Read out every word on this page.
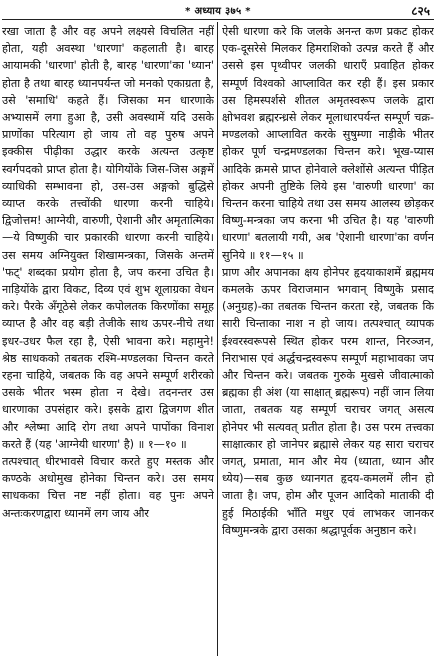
* अध्याय ३७५ *	८२५

रखा जाता है और वह अपने लक्ष्यसे विचलित नहीं होता, यही अवस्था 'धारणा' कहलाती है। बारह आयामकी 'धारणा' होती है, बारह 'धारणा'का 'ध्यान' होता है तथा बारह ध्यानपर्यन्त जो मनको एकाग्रता है, उसे 'समाधि' कहते हैं। जिसका मन धारणाके अभ्यासमें लगा हुआ है, उसी अवस्थामें यदि उसके प्राणोंका परित्याग हो जाय तो वह पुरुष अपने इक्कीस पीढ़ीका उद्धार करके अत्यन्त उत्कृष्ट स्वर्गपदको प्राप्त होता है। योगियोंके जिस-जिस अङ्गमें व्याधिकी सम्भावना हो, उस-उस अङ्गको बुद्धिसे व्याप्त करके तत्त्वोंकी धारणा करनी चाहिये। द्विजोत्तम! आग्नेयी, वारुणी, ऐशानी और अमृतात्मिका—ये विष्णुकी चार प्रकारकी धारणा करनी चाहिये। उस समय अग्नियुक्त शिखामन्त्रका, जिसके अन्तमें 'फट्' शब्दका प्रयोग होता है, जप करना उचित है। नाड़ियोंके द्वारा विकट, दिव्य एवं शुभ शूलाग्रका वेधन करे। पैरके अँगूठेसे लेकर कपोलतक किरणोंका समूह व्याप्त है और वह बड़ी तेजीके साथ ऊपर-नीचे तथा इधर-उधर फैल रहा है, ऐसी भावना करे। महामुने! श्रेष्ठ साधकको तबतक रश्मि-मण्डलका चिन्तन करते रहना चाहिये, जबतक कि वह अपने सम्पूर्ण शरीरको उसके भीतर भस्म होता न देखे। तदनन्तर उस धारणाका उपसंहार करे। इसके द्वारा द्विजगण शीत और श्लेष्मा आदि रोग तथा अपने पापोंका विनाश करते हैं (यह 'आग्नेयी धारणा' है) ॥ १—१० ॥

तत्पश्चात् धीरभावसे विचार करते हुए मस्तक और कण्ठके अधोमुख होनेका चिन्तन करे। उस समय साधकका चित्त नष्ट नहीं होता। वह पुनः अपने अन्तःकरणद्वारा ध्यानमें लग जाय और

ऐसी धारणा करे कि जलके अनन्त कण प्रकट होकर एक-दूसरेसे मिलकर हिमराशिको उत्पन्न करते हैं और उससे इस पृथ्वीपर जलकी धाराएँ प्रवाहित होकर सम्पूर्ण विश्वको आप्लावित कर रही हैं। इस प्रकार उस हिमस्पर्शसे शीतल अमृतस्वरूप जलके द्वारा क्षोभवश ब्रह्मरन्ध्रसे लेकर मूलाधारपर्यन्त सम्पूर्ण चक्र-मण्डलको आप्लावित करके सुषुम्णा नाड़ीके भीतर होकर पूर्ण चन्द्रमण्डलका चिन्तन करे। भूख-प्यास आदिके क्रमसे प्राप्त होनेवाले क्लेशोंसे अत्यन्त पीड़ित होकर अपनी तुष्टिके लिये इस 'वारुणी धारणा' का चिन्तन करना चाहिये तथा उस समय आलस्य छोड़कर विष्णु-मन्त्रका जप करना भी उचित है। यह 'वारुणी धारणा' बतलायी गयी, अब 'ऐशानी धारणा'का वर्णन सुनिये ॥ ११—१५ ॥

प्राण और अपानका क्षय होनेपर हृदयाकाशमें ब्रह्ममय कमलके ऊपर विराजमान भगवान् विष्णुके प्रसाद (अनुग्रह)-का तबतक चिन्तन करता रहे, जबतक कि सारी चिन्ताका नाश न हो जाय। तत्पश्चात् व्यापक ईश्वरस्वरूपसे स्थित होकर परम शान्त, निरञ्जन, निराभास एवं अर्द्धचन्द्रस्वरूप सम्पूर्ण महाभावका जप और चिन्तन करे। जबतक गुरुके मुखसे जीवात्माको ब्रह्मका ही अंश (या साक्षात् ब्रह्मरूप) नहीं जान लिया जाता, तबतक यह सम्पूर्ण चराचर जगत् असत्य होनेपर भी सत्यवत् प्रतीत होता है। उस परम तत्त्वका साक्षात्कार हो जानेपर ब्रह्मासे लेकर यह सारा चराचर जगत्, प्रमाता, मान और मेय (ध्याता, ध्यान और ध्येय)—सब कुछ ध्यानगत हृदय-कमलमें लीन हो जाता है। जप, होम और पूजन आदिको माताकी दी हुई मिठाईकी भाँति मधुर एवं लाभकर जानकर विष्णुमन्त्रके द्वारा उसका श्रद्धापूर्वक अनुष्ठान करे।
